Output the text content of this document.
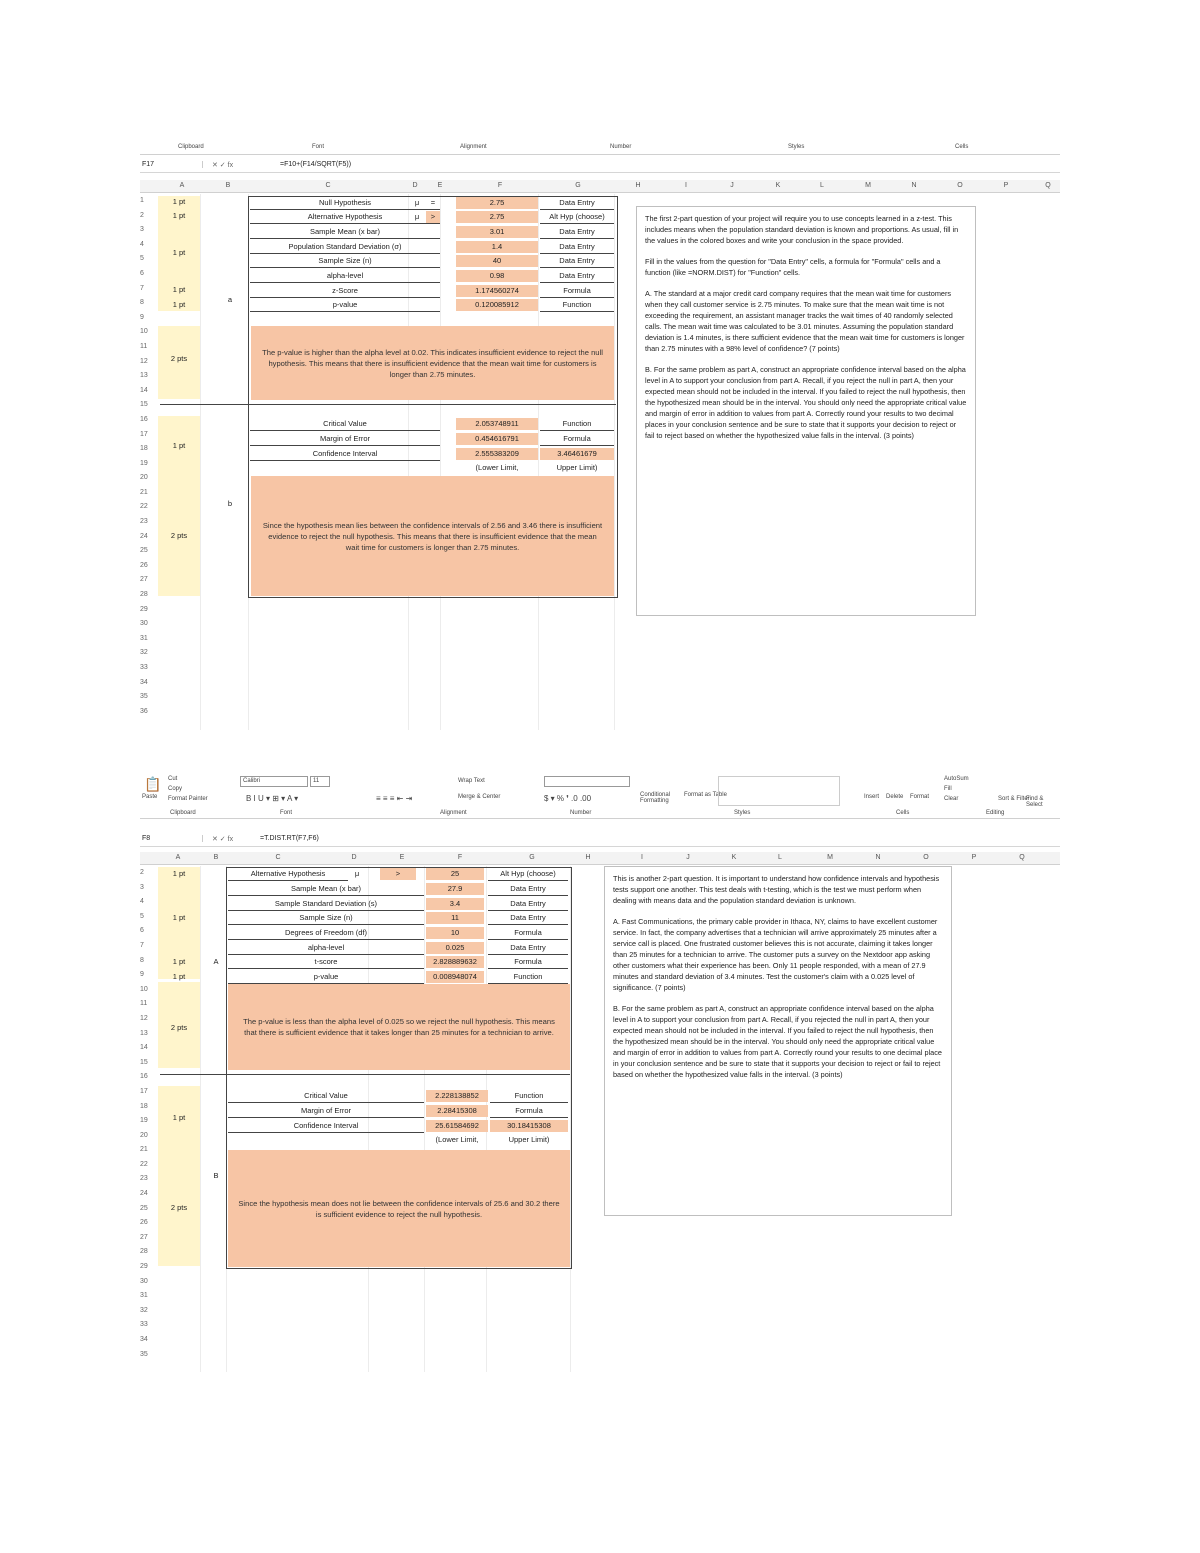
Clipboard	Font	Alignment	Number	Styles	Cells
F17	✕ ✓ fx	=F10+(F14/SQRT(F5))
A	B	C	D	E	F	G	H	I	J	K	L	M	N	O	P	Q
1
2
3
4
5
6
7
8
9
10
11
12
13
14
15
16
17
18
19
20
21
22
23
24
25
26
27
28
29
30
31
32
33
34
35
36
1 pt
1 pt
1 pt
1 pt
1 pt
2 pts
1 pt
2 pts
a
b
Null Hypothesis
Alternative Hypothesis
Sample Mean (x bar)
Population Standard Deviation (σ)
Sample Size (n)
alpha-level
z-Score
p-value
μ	=
μ	>
2.75
2.75
3.01
1.4
40
0.98
1.174560274
0.120085912
Data Entry
Alt Hyp (choose)
Data Entry
Data Entry
Data Entry
Data Entry
Formula
Function
The p-value is higher than the alpha level at 0.02. This indicates insufficient evidence to reject the null hypothesis. This means that there is insufficient evidence that the mean wait time for customers is longer than 2.75 minutes.
Critical Value
Margin of Error
Confidence Interval
2.053748911
0.454616791
2.555383209	3.46461679
Function
Formula
(Lower Limit,	Upper Limit)
Since the hypothesis mean lies between the confidence intervals of 2.56 and 3.46 there is insufficient evidence to reject the null hypothesis. This means that there is insufficient evidence that the mean wait time for customers is longer than 2.75 minutes.

The first 2-part question of your project will require you to use concepts learned in a z-test. This includes means when the population standard deviation is known and proportions. As usual, fill in the values in the colored boxes and write your conclusion in the space provided.

Fill in the values from the question for "Data Entry" cells, a formula for "Formula" cells and a function (like =NORM.DIST) for "Function" cells.

A. The standard at a major credit card company requires that the mean wait time for customers when they call customer service is 2.75 minutes. To make sure that the mean wait time is not exceeding the requirement, an assistant manager tracks the wait times of 40 randomly selected calls. The mean wait time was calculated to be 3.01 minutes. Assuming the population standard deviation is 1.4 minutes, is there sufficient evidence that the mean wait time for customers is longer than 2.75 minutes with a 98% level of confidence? (7 points)

B. For the same problem as part A, construct an appropriate confidence interval based on the alpha level in A to support your conclusion from part A. Recall, if you reject the null in part A, then your expected mean should not be included in the interval. If you failed to reject the null hypothesis, then the hypothesized mean should be in the interval. You should only need the appropriate critical value and margin of error in addition to values from part A. Correctly round your results to two decimal places in your conclusion sentence and be sure to state that it supports your decision to reject or fail to reject based on whether the hypothesized value falls in the interval. (3 points)

📋
Paste
Cut
Copy
Format Painter
Calibri	11
B I U ▾ ⊞ ▾ A ▾	≡ ≡ ≡ ⇤ ⇥
Wrap Text
Merge & Center	$ ▾ % ❜ .0 .00	Conditional Formatting
Format as Table	Insert Delete Format
AutoSum
Fill
Clear	Sort & Filter
Find & Select
Clipboard	Font	Alignment	Number	Styles	Cells	Editing
F8	✕ ✓ fx	=T.DIST.RT(F7,F6)
A	B	C	D	E	F	G	H	I	J	K	L	M	N	O	P	Q
2
3
4
5
6
7
8
9
10
11
12
13
14
15
16
17
18
19
20
21
22
23
24
25
26
27
28
29
30
31
32
33
34
35
1 pt
1 pt
1 pt
1 pt
2 pts
1 pt
2 pts
A
B
Alternative Hypothesis
Sample Mean (x bar)
Sample Standard Deviation (s)
Sample Size (n)
Degrees of Freedom (df)
alpha-level
t-score
p-value
μ	>	25
27.9
3.4
11
10
0.025
2.828889632
0.008948074
Alt Hyp (choose)
Data Entry
Data Entry
Data Entry
Formula
Data Entry
Formula
Function
The p-value is less than the alpha level of 0.025 so we reject the null hypothesis. This means that there is sufficient evidence that it takes longer than 25 minutes for a technician to arrive.
Critical Value
Margin of Error
Confidence Interval
2.228138852
2.28415308
25.61584692	30.18415308
Function
Formula
(Lower Limit,	Upper Limit)
Since the hypothesis mean does not lie between the confidence intervals of 25.6 and 30.2 there is sufficient evidence to reject the null hypothesis.

This is another 2-part question. It is important to understand how confidence intervals and hypothesis tests support one another. This test deals with t-testing, which is the test we must perform when dealing with means data and the population standard deviation is unknown.

A. Fast Communications, the primary cable provider in Ithaca, NY, claims to have excellent customer service. In fact, the company advertises that a technician will arrive approximately 25 minutes after a service call is placed. One frustrated customer believes this is not accurate, claiming it takes longer than 25 minutes for a technician to arrive. The customer puts a survey on the Nextdoor app asking other customers what their experience has been. Only 11 people responded, with a mean of 27.9 minutes and standard deviation of 3.4 minutes. Test the customer's claim with a 0.025 level of significance. (7 points)

B. For the same problem as part A, construct an appropriate confidence interval based on the alpha level in A to support your conclusion from part A. Recall, if you rejected the null in part A, then your expected mean should not be included in the interval. If you failed to reject the null hypothesis, then the hypothesized mean should be in the interval. You should only need the appropriate critical value and margin of error in addition to values from part A. Correctly round your results to one decimal place in your conclusion sentence and be sure to state that it supports your decision to reject or fail to reject based on whether the hypothesized value falls in the interval. (3 points)
